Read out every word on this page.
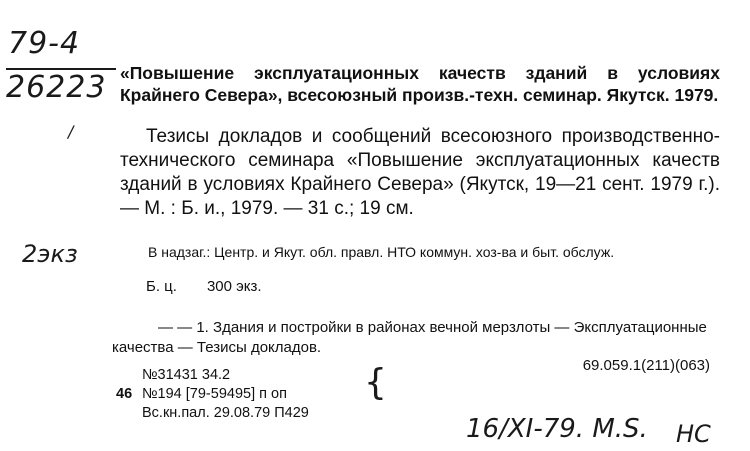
79-4
26223
/
2экз

«Повышение эксплуатационных качеств зданий в условиях Крайнего Севера», всесоюзный произв.-техн. семинар. Якутск. 1979.

Тезисы докладов и сообщений всесоюзного производственно-технического семинара «Повышение эксплуатационных качеств зданий в условиях Крайнего Севера» (Якутск, 19—21 сент. 1979 г.). — М. : Б. и., 1979. — 31 с.; 19 см.

В надзаг.: Центр. и Якут. обл. правл. НТО коммун. хоз-ва и быт. обслуж.

Б. ц. 300 экз.

— — 1. Здания и постройки в районах вечной мерзлоты — Эксплуатационные качества — Тезисы докладов.

69.059.1(211)(063)
№31431 34.2
46 №194 [79-59495] п оп
Вс.кн.пал. 29.08.79 П429
{
16/XI-79. M.S. НС
